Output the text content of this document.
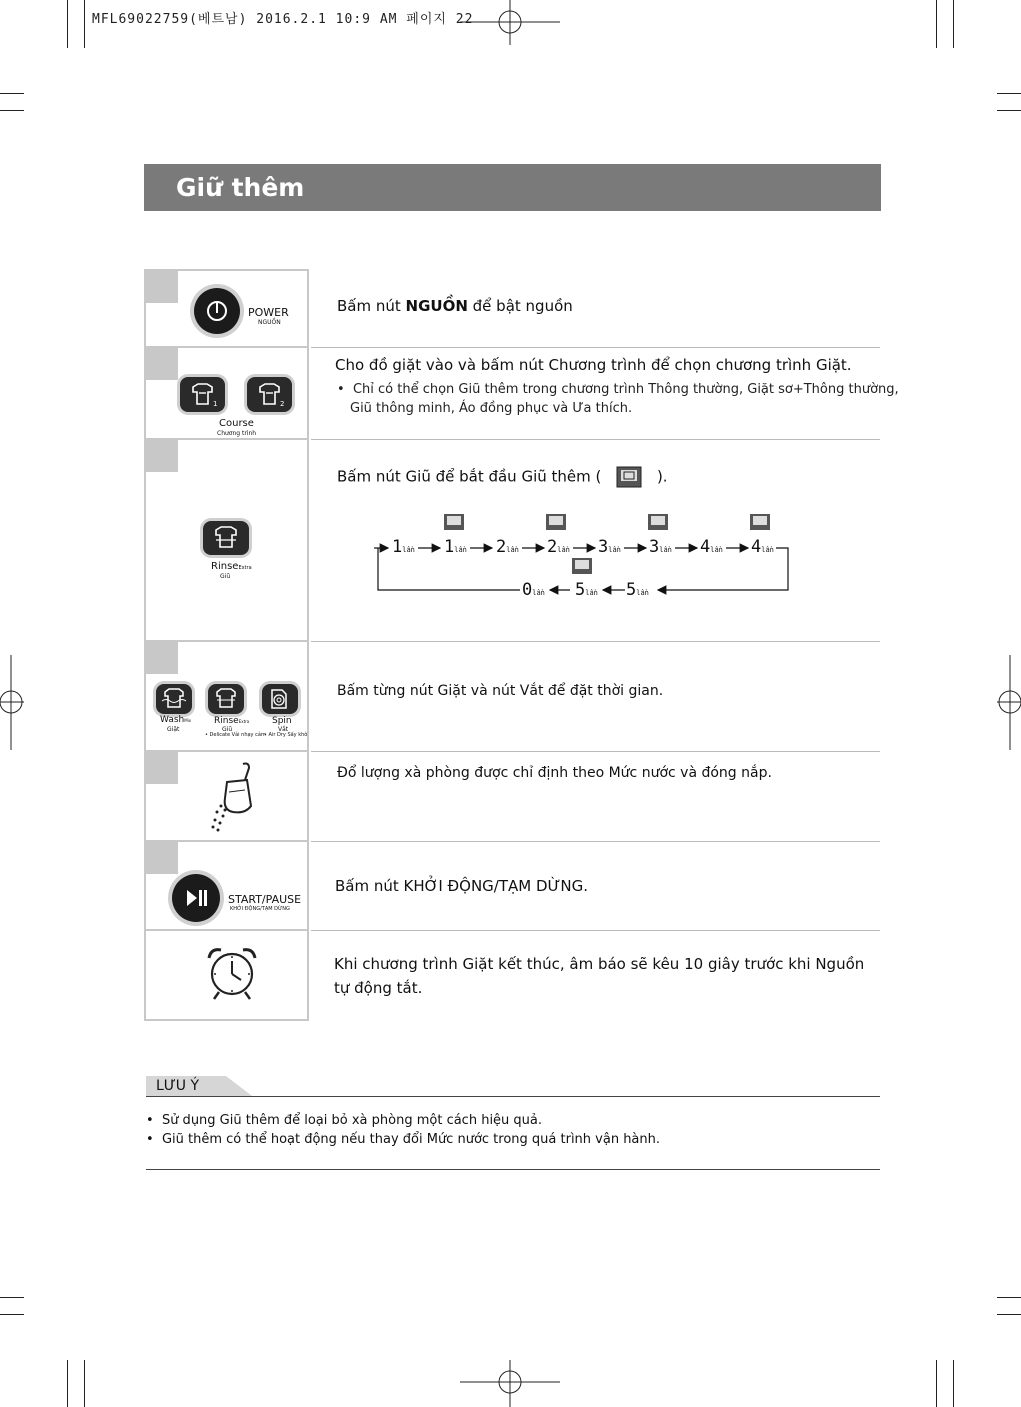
MFL69022759(베트남) 2016.2.1 10:9 AM 페이지 22
Giữ thêm
POWER
NGUỒN
Bấm nút NGUỒN để bật nguồn
1	2
Course
Chương trình
Cho đồ giặt vào và bấm nút Chương trình để chọn chương trình Giặt.
•  Chỉ có thể chọn Giũ thêm trong chương trình Thông thường, Giặt sơ+Thông thường,
Giũ thông minh, Áo đồng phục và Ưa thích.
RinseExtra
Giũ
Bấm nút Giũ để bắt đầu Giũ thêm (	).
1lần 1lần 2lần 2lần 3lần 3lần 4lần 4lần
0lần 5lần 5lần
WashMix
Giặt
RinseExtra
Giũ
• Delicate Vải nhạy cảm
Spin
Vắt
• Air Dry Sấy khô
Bấm từng nút Giặt và nút Vắt để đặt thời gian.
Đổ lượng xà phòng được chỉ định theo Mức nước và đóng nắp.
START/PAUSE
KHỞI ĐỘNG/TẠM DỪNG
Bấm nút KHỞI ĐỘNG/TẠM DỪNG.
Khi chương trình Giặt kết thúc, âm báo sẽ kêu 10 giây trước khi Nguồn
tự động tắt.
LƯU Ý
•  Sử dụng Giũ thêm để loại bỏ xà phòng một cách hiệu quả.
•  Giũ thêm có thể hoạt động nếu thay đổi Mức nước trong quá trình vận hành.
